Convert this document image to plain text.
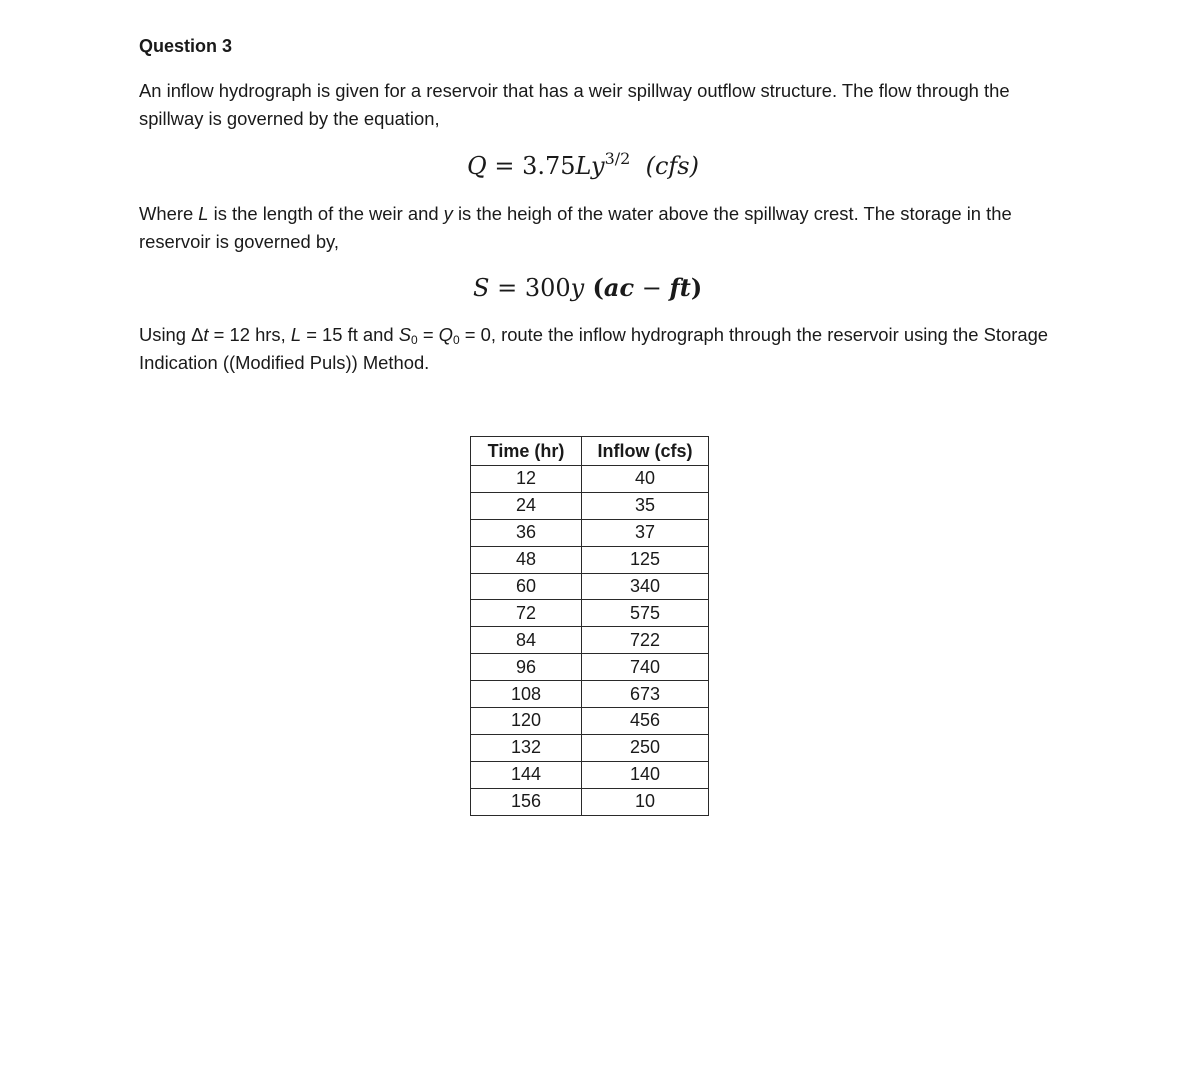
Question 3

An inflow hydrograph is given for a reservoir that has a weir spillway outflow structure. The flow through the spillway is governed by the equation,

$Q = 3.75Ly^{3/2}$ (cfs)

Where L is the length of the weir and y is the heigh of the water above the spillway crest. The storage in the reservoir is governed by,

S = 300y (ac − ft)

Using Δt = 12 hrs, L = 15 ft and $S_0 = Q_0 = 0$, route the inflow hydrograph through the reservoir using the Storage Indication ((Modified Puls)) Method.

Time (hr)	Inflow (cfs)
12	40
24	35
36	37
48	125
60	340
72	575
84	722
96	740
108	673
120	456
132	250
144	140
156	10
